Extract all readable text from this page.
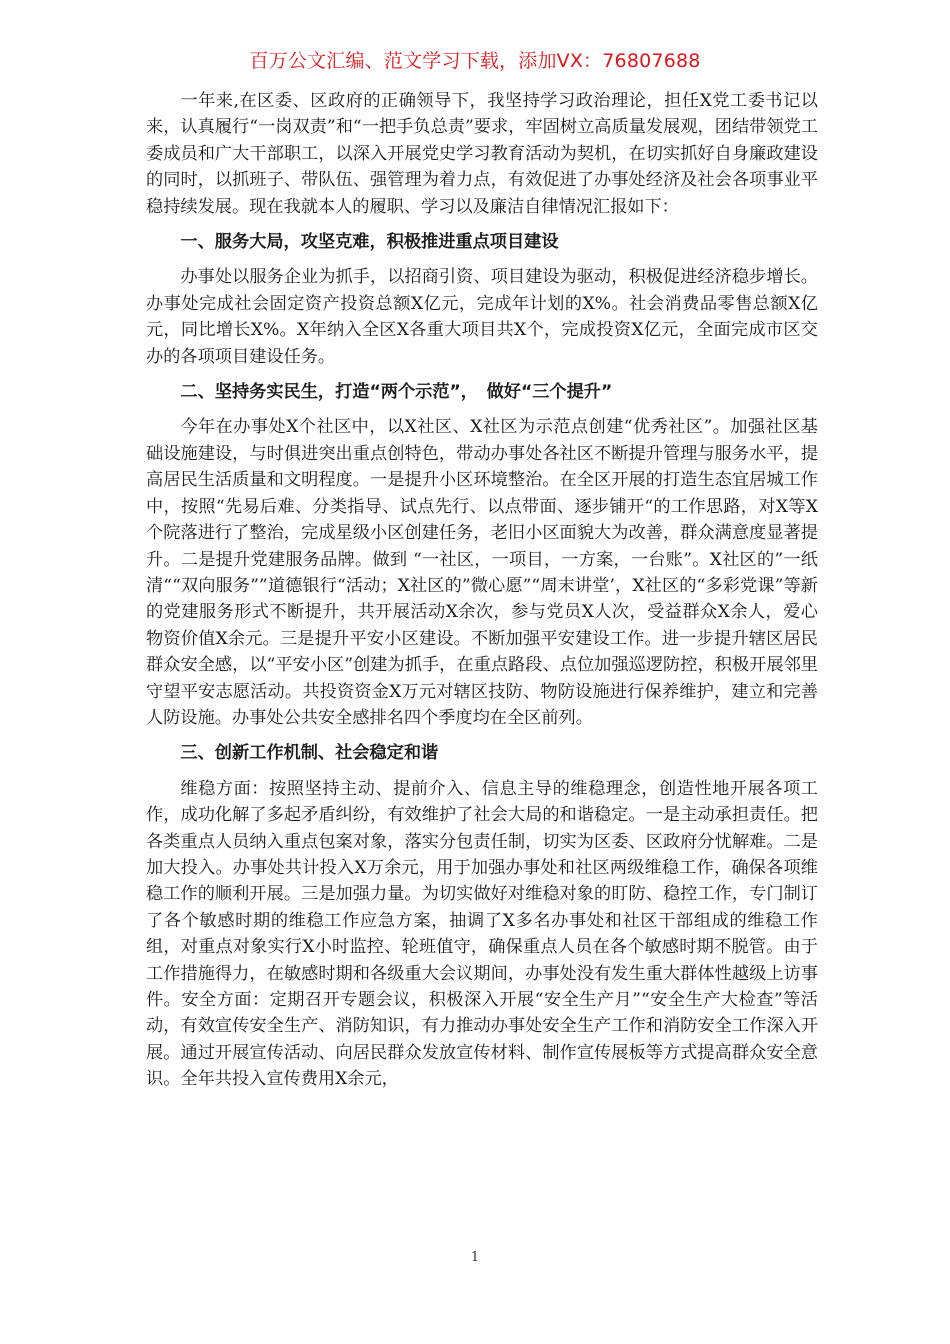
百万公文汇编、范文学习下载，添加VX：76807688

一年来,在区委、区政府的正确领导下，我坚持学习政治理论，担任X党工委书记以来，认真履行“一岗双责”和“一把手负总责”要求，牢固树立高质量发展观，团结带领党工委成员和广大干部职工，以深入开展党史学习教育活动为契机，在切实抓好自身廉政建设的同时，以抓班子、带队伍、强管理为着力点，有效促进了办事处经济及社会各项事业平稳持续发展。现在我就本人的履职、学习以及廉洁自律情况汇报如下：

一、服务大局，攻坚克难，积极推进重点项目建设

办事处以服务企业为抓手，以招商引资、项目建设为驱动，积极促进经济稳步增长。办事处完成社会固定资产投资总额X亿元，完成年计划的X%。社会消费品零售总额X亿元，同比增长X%。X年纳入全区X各重大项目共X个，完成投资X亿元，全面完成市区交办的各项项目建设任务。

二、坚持务实民生，打造“两个示范”，　做好“三个提升”

今年在办事处X个社区中，以X社区、X社区为示范点创建“优秀社区”。加强社区基础设施建设，与时俱进突出重点创特色，带动办事处各社区不断提升管理与服务水平，提高居民生活质量和文明程度。一是提升小区环境整治。在全区开展的打造生态宜居城工作中，按照“先易后难、分类指导、试点先行、以点带面、逐步铺开“的工作思路，对X等X个院落进行了整治，完成星级小区创建任务，老旧小区面貌大为改善，群众满意度显著提升。二是提升党建服务品牌。做到 “一社区，一项目，一方案，一台账”。X社区的”一纸清““双向服务””道德银行“活动；X社区的”微心愿”“周末讲堂’，X社区的“多彩党课”等新的党建服务形式不断提升，共开展活动X余次，参与党员X人次，受益群众X余人，爱心物资价值X余元。三是提升平安小区建设。不断加强平安建设工作。进一步提升辖区居民群众安全感，以“平安小区”创建为抓手，在重点路段、点位加强巡逻防控，积极开展邻里守望平安志愿活动。共投资资金X万元对辖区技防、物防设施进行保养维护，建立和完善人防设施。办事处公共安全感排名四个季度均在全区前列。

三、创新工作机制、社会稳定和谐

维稳方面：按照坚持主动、提前介入、信息主导的维稳理念，创造性地开展各项工作，成功化解了多起矛盾纠纷，有效维护了社会大局的和谐稳定。一是主动承担责任。把各类重点人员纳入重点包案对象，落实分包责任制，切实为区委、区政府分忧解难。二是加大投入。办事处共计投入X万余元，用于加强办事处和社区两级维稳工作，确保各项维稳工作的顺利开展。三是加强力量。为切实做好对维稳对象的盯防、稳控工作，专门制订了各个敏感时期的维稳工作应急方案，抽调了X多名办事处和社区干部组成的维稳工作组，对重点对象实行X小时监控、轮班值守，确保重点人员在各个敏感时期不脱管。由于工作措施得力，在敏感时期和各级重大会议期间，办事处没有发生重大群体性越级上访事件。安全方面：定期召开专题会议，积极深入开展“安全生产月”“安全生产大检查”等活动，有效宣传安全生产、消防知识，有力推动办事处安全生产工作和消防安全工作深入开展。通过开展宣传活动、向居民群众发放宣传材料、制作宣传展板等方式提高群众安全意识。全年共投入宣传费用X余元，

1
